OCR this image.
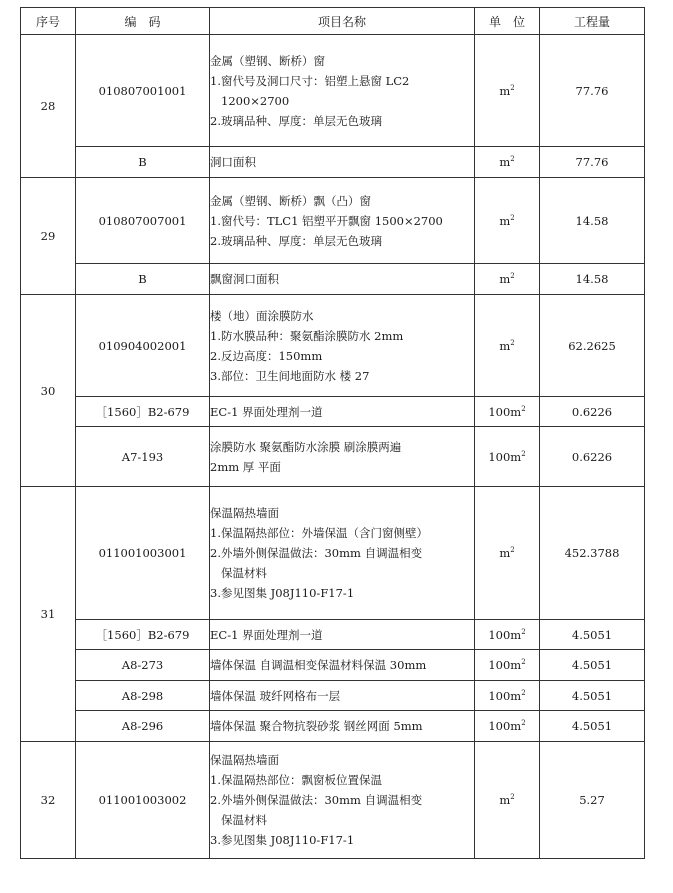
序号	编　码	项目名称	单　位	工程量
28	010807001001	金属（塑钢、断桥）窗
1.窗代号及洞口尺寸：铝塑上悬窗 LC2
1200×2700
2.玻璃品种、厚度：单层无色玻璃	$m^2$	77.76
	B	洞口面积	$m^2$	77.76
29	010807007001	金属（塑钢、断桥）飘（凸）窗
1.窗代号：TLC1 铝塑平开飘窗 1500×2700
2.玻璃品种、厚度：单层无色玻璃	$m^2$	14.58
	B	飘窗洞口面积	$m^2$	14.58
30	010904002001	楼（地）面涂膜防水
1.防水膜品种：聚氨酯涂膜防水 2mm
2.反边高度：150mm
3.部位：卫生间地面防水 楼 27	$m^2$	62.2625
	［1560］B2-679	EC-1 界面处理剂一道	$100m^2$	0.6226
	A7-193	涂膜防水 聚氨酯防水涂膜 刷涂膜两遍
2mm 厚 平面	$100m^2$	0.6226
31	011001003001	保温隔热墙面
1.保温隔热部位：外墙保温（含门窗侧壁）
2.外墙外侧保温做法：30mm 自调温相变
保温材料
3.参见图集 J08J110-F17-1	$m^2$	452.3788
	［1560］B2-679	EC-1 界面处理剂一道	$100m^2$	4.5051
	A8-273	墙体保温 自调温相变保温材料保温 30mm	$100m^2$	4.5051
	A8-298	墙体保温 玻纤网格布一层	$100m^2$	4.5051
	A8-296	墙体保温 聚合物抗裂砂浆 钢丝网面 5mm	$100m^2$	4.5051
32	011001003002	保温隔热墙面
1.保温隔热部位：飘窗板位置保温
2.外墙外侧保温做法：30mm 自调温相变
保温材料
3.参见图集 J08J110-F17-1	$m^2$	5.27
